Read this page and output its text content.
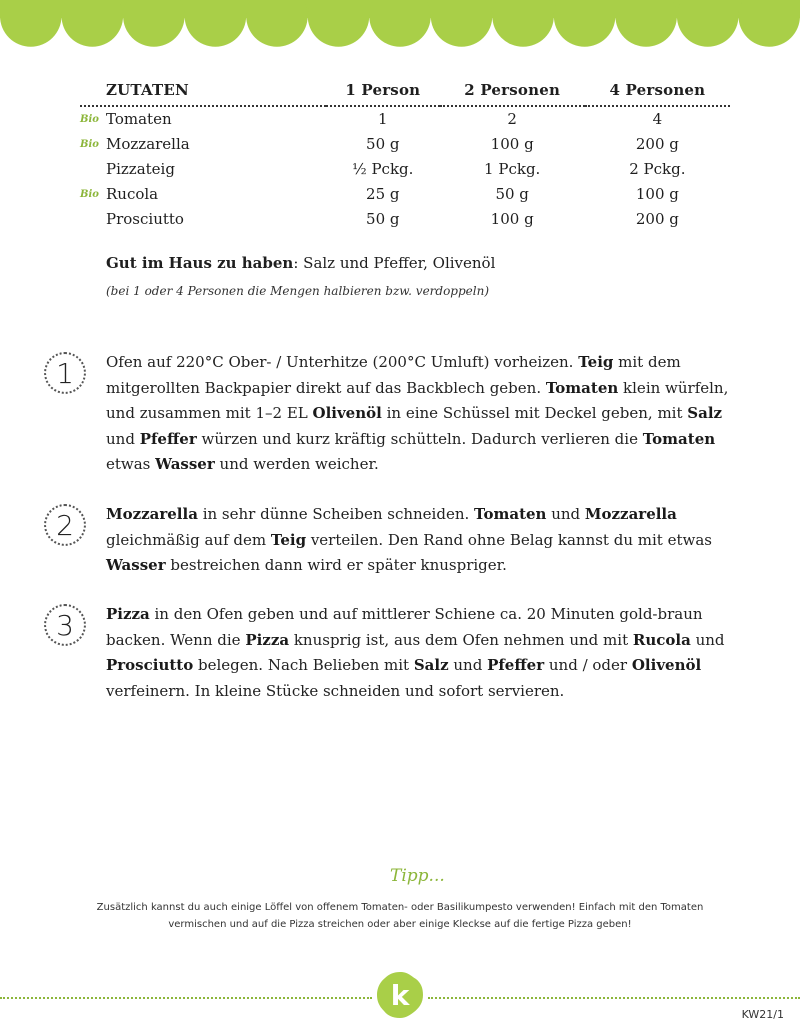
ZUTATEN	1 Person	2 Personen	4 Personen

Bio Tomaten	1	2	4

Bio Mozzarella	50 g	100 g	200 g

Pizzateig	½ Pckg.	1 Pckg.	2 Pckg.

Bio Rucola	25 g	50 g	100 g

Prosciutto	50 g	100 g	200 g
Gut im Haus zu haben: Salz und Pfeffer, Olivenöl
(bei 1 oder 4 Personen die Mengen halbieren bzw. verdoppeln)
1	Ofen auf 220°C Ober- / Unterhitze (200°C Umluft) vorheizen. Teig mit dem mitgerollten Backpapier direkt auf das Backblech geben. Tomaten klein würfeln, und zusammen mit 1–2 EL Olivenöl in eine Schüssel mit Deckel geben, mit Salz und Pfeffer würzen und kurz kräftig schütteln. Dadurch verlieren die Tomaten etwas Wasser und werden weicher.
2	Mozzarella in sehr dünne Scheiben schneiden. Tomaten und Mozzarella gleichmäßig auf dem Teig verteilen. Den Rand ohne Belag kannst du mit etwas Wasser bestreichen dann wird er später knuspriger.
3	Pizza in den Ofen geben und auf mittlerer Schiene ca. 20 Minuten gold-braun backen. Wenn die Pizza knusprig ist, aus dem Ofen nehmen und mit Rucola und Prosciutto belegen. Nach Belieben mit Salz und Pfeffer und / oder Olivenöl verfeinern. In kleine Stücke schneiden und sofort servieren.
Tipp...
Zusätzlich kannst du auch einige Löffel von offenem Tomaten- oder Basilikumpesto verwenden! Einfach mit den Tomaten vermischen und auf die Pizza streichen oder aber einige Kleckse auf die fertige Pizza geben!
k
KW21/1
